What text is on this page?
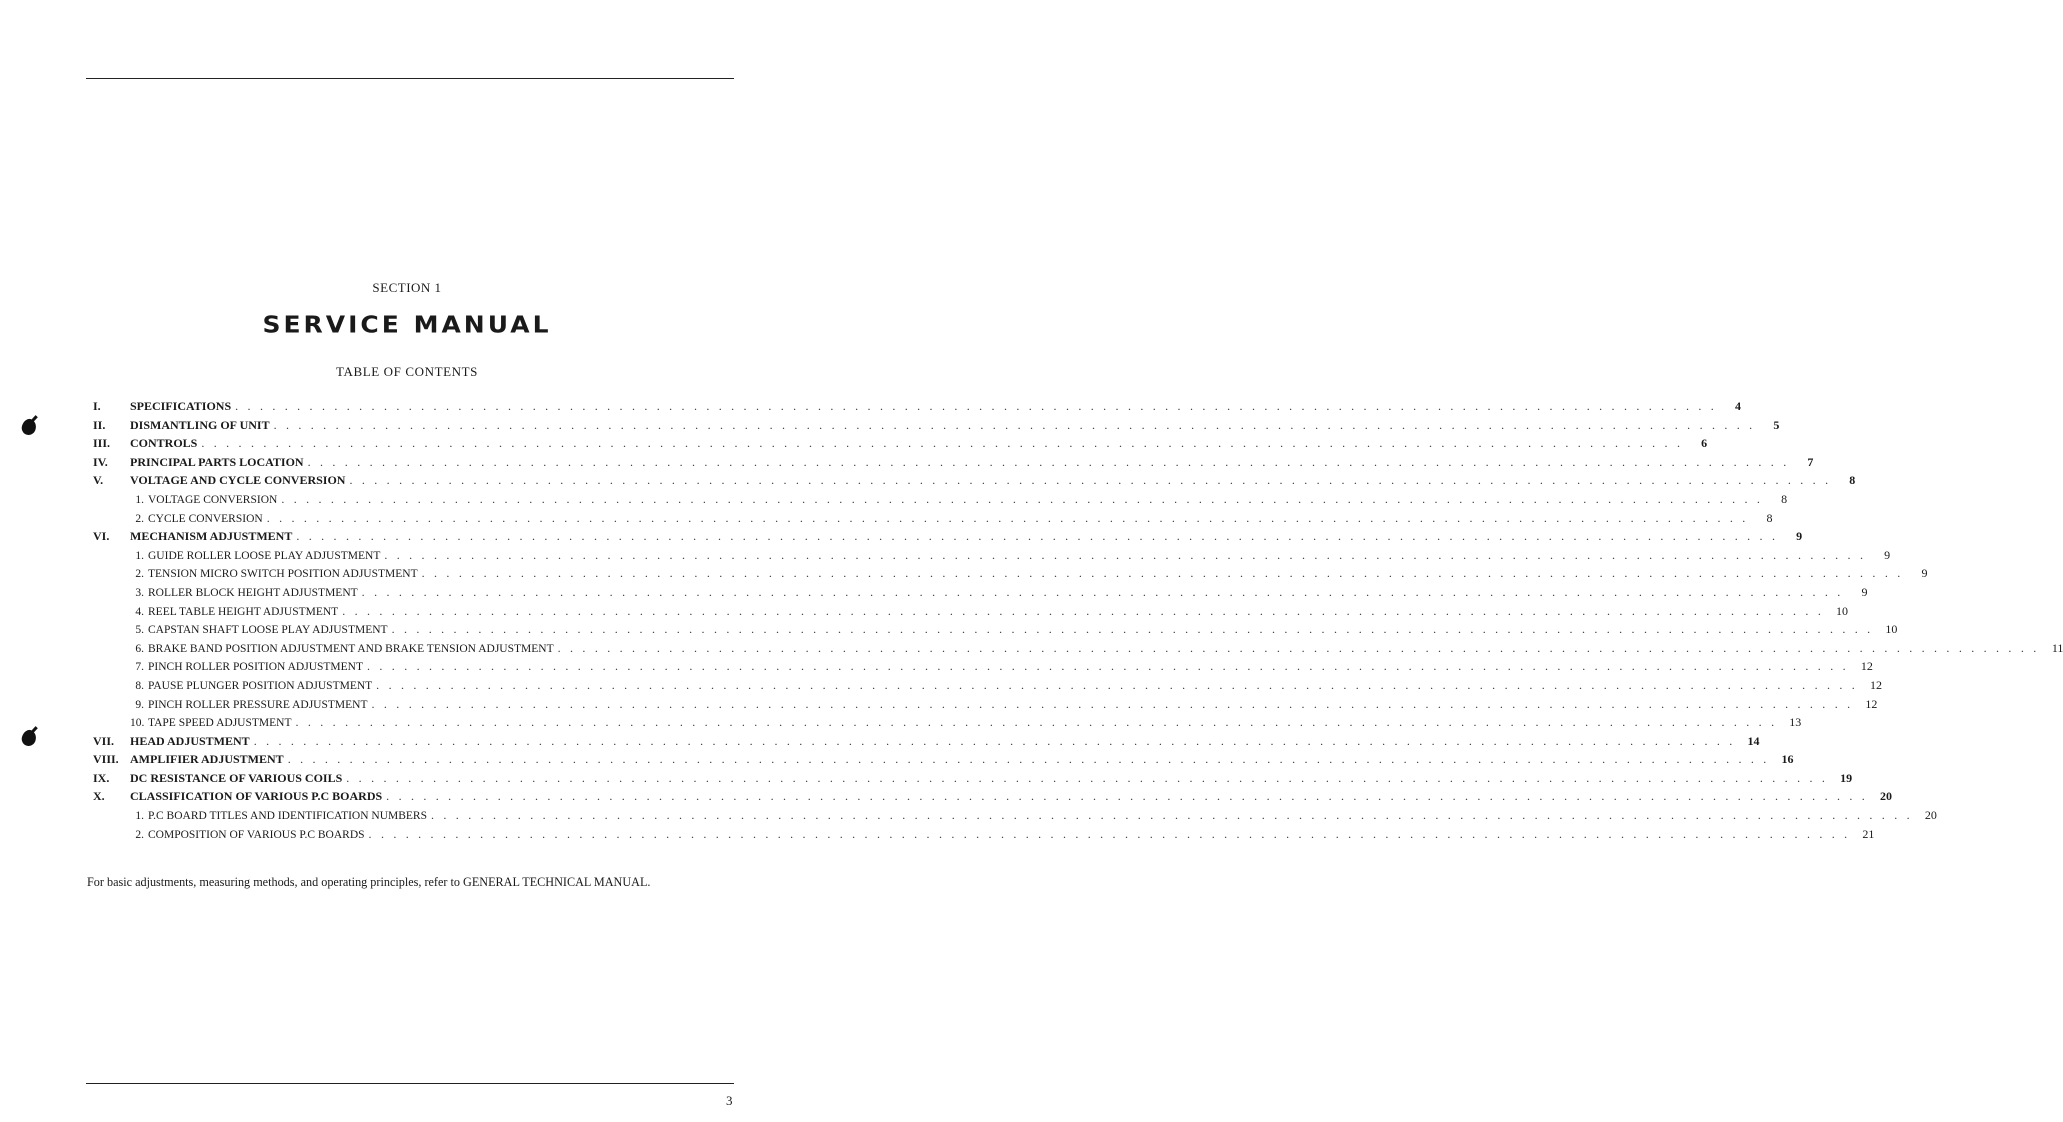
SECTION 1
SERVICE MANUAL
TABLE OF CONTENTS
I.	SPECIFICATIONS . . . . . . . . . . . . . . . . . . . . . . . . . . . . . . . . . . . . . . . . . . . . . . . . . . . . . . . . . . . . . . . . . . . . . . . . . . . . . . . . . . . . . . . . . . . . . . . . . . . . . . . . . . . . . . . . . . . . . . . .	4
II.	DISMANTLING OF UNIT . . . . . . . . . . . . . . . . . . . . . . . . . . . . . . . . . . . . . . . . . . . . . . . . . . . . . . . . . . . . . . . . . . . . . . . . . . . . . . . . . . . . . . . . . . . . . . . . . . . . . . . . . . . . . . . . . . . . . . . .	5
III.	CONTROLS . . . . . . . . . . . . . . . . . . . . . . . . . . . . . . . . . . . . . . . . . . . . . . . . . . . . . . . . . . . . . . . . . . . . . . . . . . . . . . . . . . . . . . . . . . . . . . . . . . . . . . . . . . . . . . . . . . . . . . . .	6
IV.	PRINCIPAL PARTS LOCATION . . . . . . . . . . . . . . . . . . . . . . . . . . . . . . . . . . . . . . . . . . . . . . . . . . . . . . . . . . . . . . . . . . . . . . . . . . . . . . . . . . . . . . . . . . . . . . . . . . . . . . . . . . . . . . . . . . . . . . . .	7
V.	VOLTAGE AND CYCLE CONVERSION . . . . . . . . . . . . . . . . . . . . . . . . . . . . . . . . . . . . . . . . . . . . . . . . . . . . . . . . . . . . . . . . . . . . . . . . . . . . . . . . . . . . . . . . . . . . . . . . . . . . . . . . . . . . . . . . . . . . . . . .	8
1. VOLTAGE CONVERSION . . . . . . . . . . . . . . . . . . . . . . . . . . . . . . . . . . . . . . . . . . . . . . . . . . . . . . . . . . . . . . . . . . . . . . . . . . . . . . . . . . . . . . . . . . . . . . . . . . . . . . . . . . . . . . . . . . . . . . . .	8
2. CYCLE CONVERSION . . . . . . . . . . . . . . . . . . . . . . . . . . . . . . . . . . . . . . . . . . . . . . . . . . . . . . . . . . . . . . . . . . . . . . . . . . . . . . . . . . . . . . . . . . . . . . . . . . . . . . . . . . . . . . . . . . . . . . . .	8
VI.	MECHANISM ADJUSTMENT . . . . . . . . . . . . . . . . . . . . . . . . . . . . . . . . . . . . . . . . . . . . . . . . . . . . . . . . . . . . . . . . . . . . . . . . . . . . . . . . . . . . . . . . . . . . . . . . . . . . . . . . . . . . . . . . . . . . . . . .	9
1. GUIDE ROLLER LOOSE PLAY ADJUSTMENT . . . . . . . . . . . . . . . . . . . . . . . . . . . . . . . . . . . . . . . . . . . . . . . . . . . . . . . . . . . . . . . . . . . . . . . . . . . . . . . . . . . . . . . . . . . . . . . . . . . . . . . . . . . . . . . . . . . . . . . .	9
2. TENSION MICRO SWITCH POSITION ADJUSTMENT . . . . . . . . . . . . . . . . . . . . . . . . . . . . . . . . . . . . . . . . . . . . . . . . . . . . . . . . . . . . . . . . . . . . . . . . . . . . . . . . . . . . . . . . . . . . . . . . . . . . . . . . . . . . . . . . . . . . . . . .	9
3. ROLLER BLOCK HEIGHT ADJUSTMENT . . . . . . . . . . . . . . . . . . . . . . . . . . . . . . . . . . . . . . . . . . . . . . . . . . . . . . . . . . . . . . . . . . . . . . . . . . . . . . . . . . . . . . . . . . . . . . . . . . . . . . . . . . . . . . . . . . . . . . . .	9
4. REEL TABLE HEIGHT ADJUSTMENT . . . . . . . . . . . . . . . . . . . . . . . . . . . . . . . . . . . . . . . . . . . . . . . . . . . . . . . . . . . . . . . . . . . . . . . . . . . . . . . . . . . . . . . . . . . . . . . . . . . . . . . . . . . . . . . . . . . . . . . .	10
5. CAPSTAN SHAFT LOOSE PLAY ADJUSTMENT . . . . . . . . . . . . . . . . . . . . . . . . . . . . . . . . . . . . . . . . . . . . . . . . . . . . . . . . . . . . . . . . . . . . . . . . . . . . . . . . . . . . . . . . . . . . . . . . . . . . . . . . . . . . . . . . . . . . . . . .	10
6. BRAKE BAND POSITION ADJUSTMENT AND BRAKE TENSION ADJUSTMENT . . . . . . . . . . . . . . . . . . . . . . . . . . . . . . . . . . . . . . . . . . . . . . . . . . . . . . . . . . . . . . . . . . . . . . . . . . . . . . . . . . . . . . . . . . . . . . . . . . . . . . . . . . . . . . . . . . . . . . . .	11
7. PINCH ROLLER POSITION ADJUSTMENT . . . . . . . . . . . . . . . . . . . . . . . . . . . . . . . . . . . . . . . . . . . . . . . . . . . . . . . . . . . . . . . . . . . . . . . . . . . . . . . . . . . . . . . . . . . . . . . . . . . . . . . . . . . . . . . . . . . . . . . .	12
8. PAUSE PLUNGER POSITION ADJUSTMENT . . . . . . . . . . . . . . . . . . . . . . . . . . . . . . . . . . . . . . . . . . . . . . . . . . . . . . . . . . . . . . . . . . . . . . . . . . . . . . . . . . . . . . . . . . . . . . . . . . . . . . . . . . . . . . . . . . . . . . . .	12
9. PINCH ROLLER PRESSURE ADJUSTMENT . . . . . . . . . . . . . . . . . . . . . . . . . . . . . . . . . . . . . . . . . . . . . . . . . . . . . . . . . . . . . . . . . . . . . . . . . . . . . . . . . . . . . . . . . . . . . . . . . . . . . . . . . . . . . . . . . . . . . . . .	12
10. TAPE SPEED ADJUSTMENT . . . . . . . . . . . . . . . . . . . . . . . . . . . . . . . . . . . . . . . . . . . . . . . . . . . . . . . . . . . . . . . . . . . . . . . . . . . . . . . . . . . . . . . . . . . . . . . . . . . . . . . . . . . . . . . . . . . . . . . .	13
VII.	HEAD ADJUSTMENT . . . . . . . . . . . . . . . . . . . . . . . . . . . . . . . . . . . . . . . . . . . . . . . . . . . . . . . . . . . . . . . . . . . . . . . . . . . . . . . . . . . . . . . . . . . . . . . . . . . . . . . . . . . . . . . . . . . . . . . .	14
VIII. AMPLIFIER ADJUSTMENT . . . . . . . . . . . . . . . . . . . . . . . . . . . . . . . . . . . . . . . . . . . . . . . . . . . . . . . . . . . . . . . . . . . . . . . . . . . . . . . . . . . . . . . . . . . . . . . . . . . . . . . . . . . . . . . . . . . . . . . .	16
IX.	DC RESISTANCE OF VARIOUS COILS . . . . . . . . . . . . . . . . . . . . . . . . . . . . . . . . . . . . . . . . . . . . . . . . . . . . . . . . . . . . . . . . . . . . . . . . . . . . . . . . . . . . . . . . . . . . . . . . . . . . . . . . . . . . . . . . . . . . . . . .	19
X.	CLASSIFICATION OF VARIOUS P.C BOARDS . . . . . . . . . . . . . . . . . . . . . . . . . . . . . . . . . . . . . . . . . . . . . . . . . . . . . . . . . . . . . . . . . . . . . . . . . . . . . . . . . . . . . . . . . . . . . . . . . . . . . . . . . . . . . . . . . . . . . . . .	20
1. P.C BOARD TITLES AND IDENTIFICATION NUMBERS . . . . . . . . . . . . . . . . . . . . . . . . . . . . . . . . . . . . . . . . . . . . . . . . . . . . . . . . . . . . . . . . . . . . . . . . . . . . . . . . . . . . . . . . . . . . . . . . . . . . . . . . . . . . . . . . . . . . . . . .	20
2. COMPOSITION OF VARIOUS P.C BOARDS . . . . . . . . . . . . . . . . . . . . . . . . . . . . . . . . . . . . . . . . . . . . . . . . . . . . . . . . . . . . . . . . . . . . . . . . . . . . . . . . . . . . . . . . . . . . . . . . . . . . . . . . . . . . . . . . . . . . . . . .	21
For basic adjustments, measuring methods, and operating principles, refer to GENERAL TECHNICAL MANUAL.
3
